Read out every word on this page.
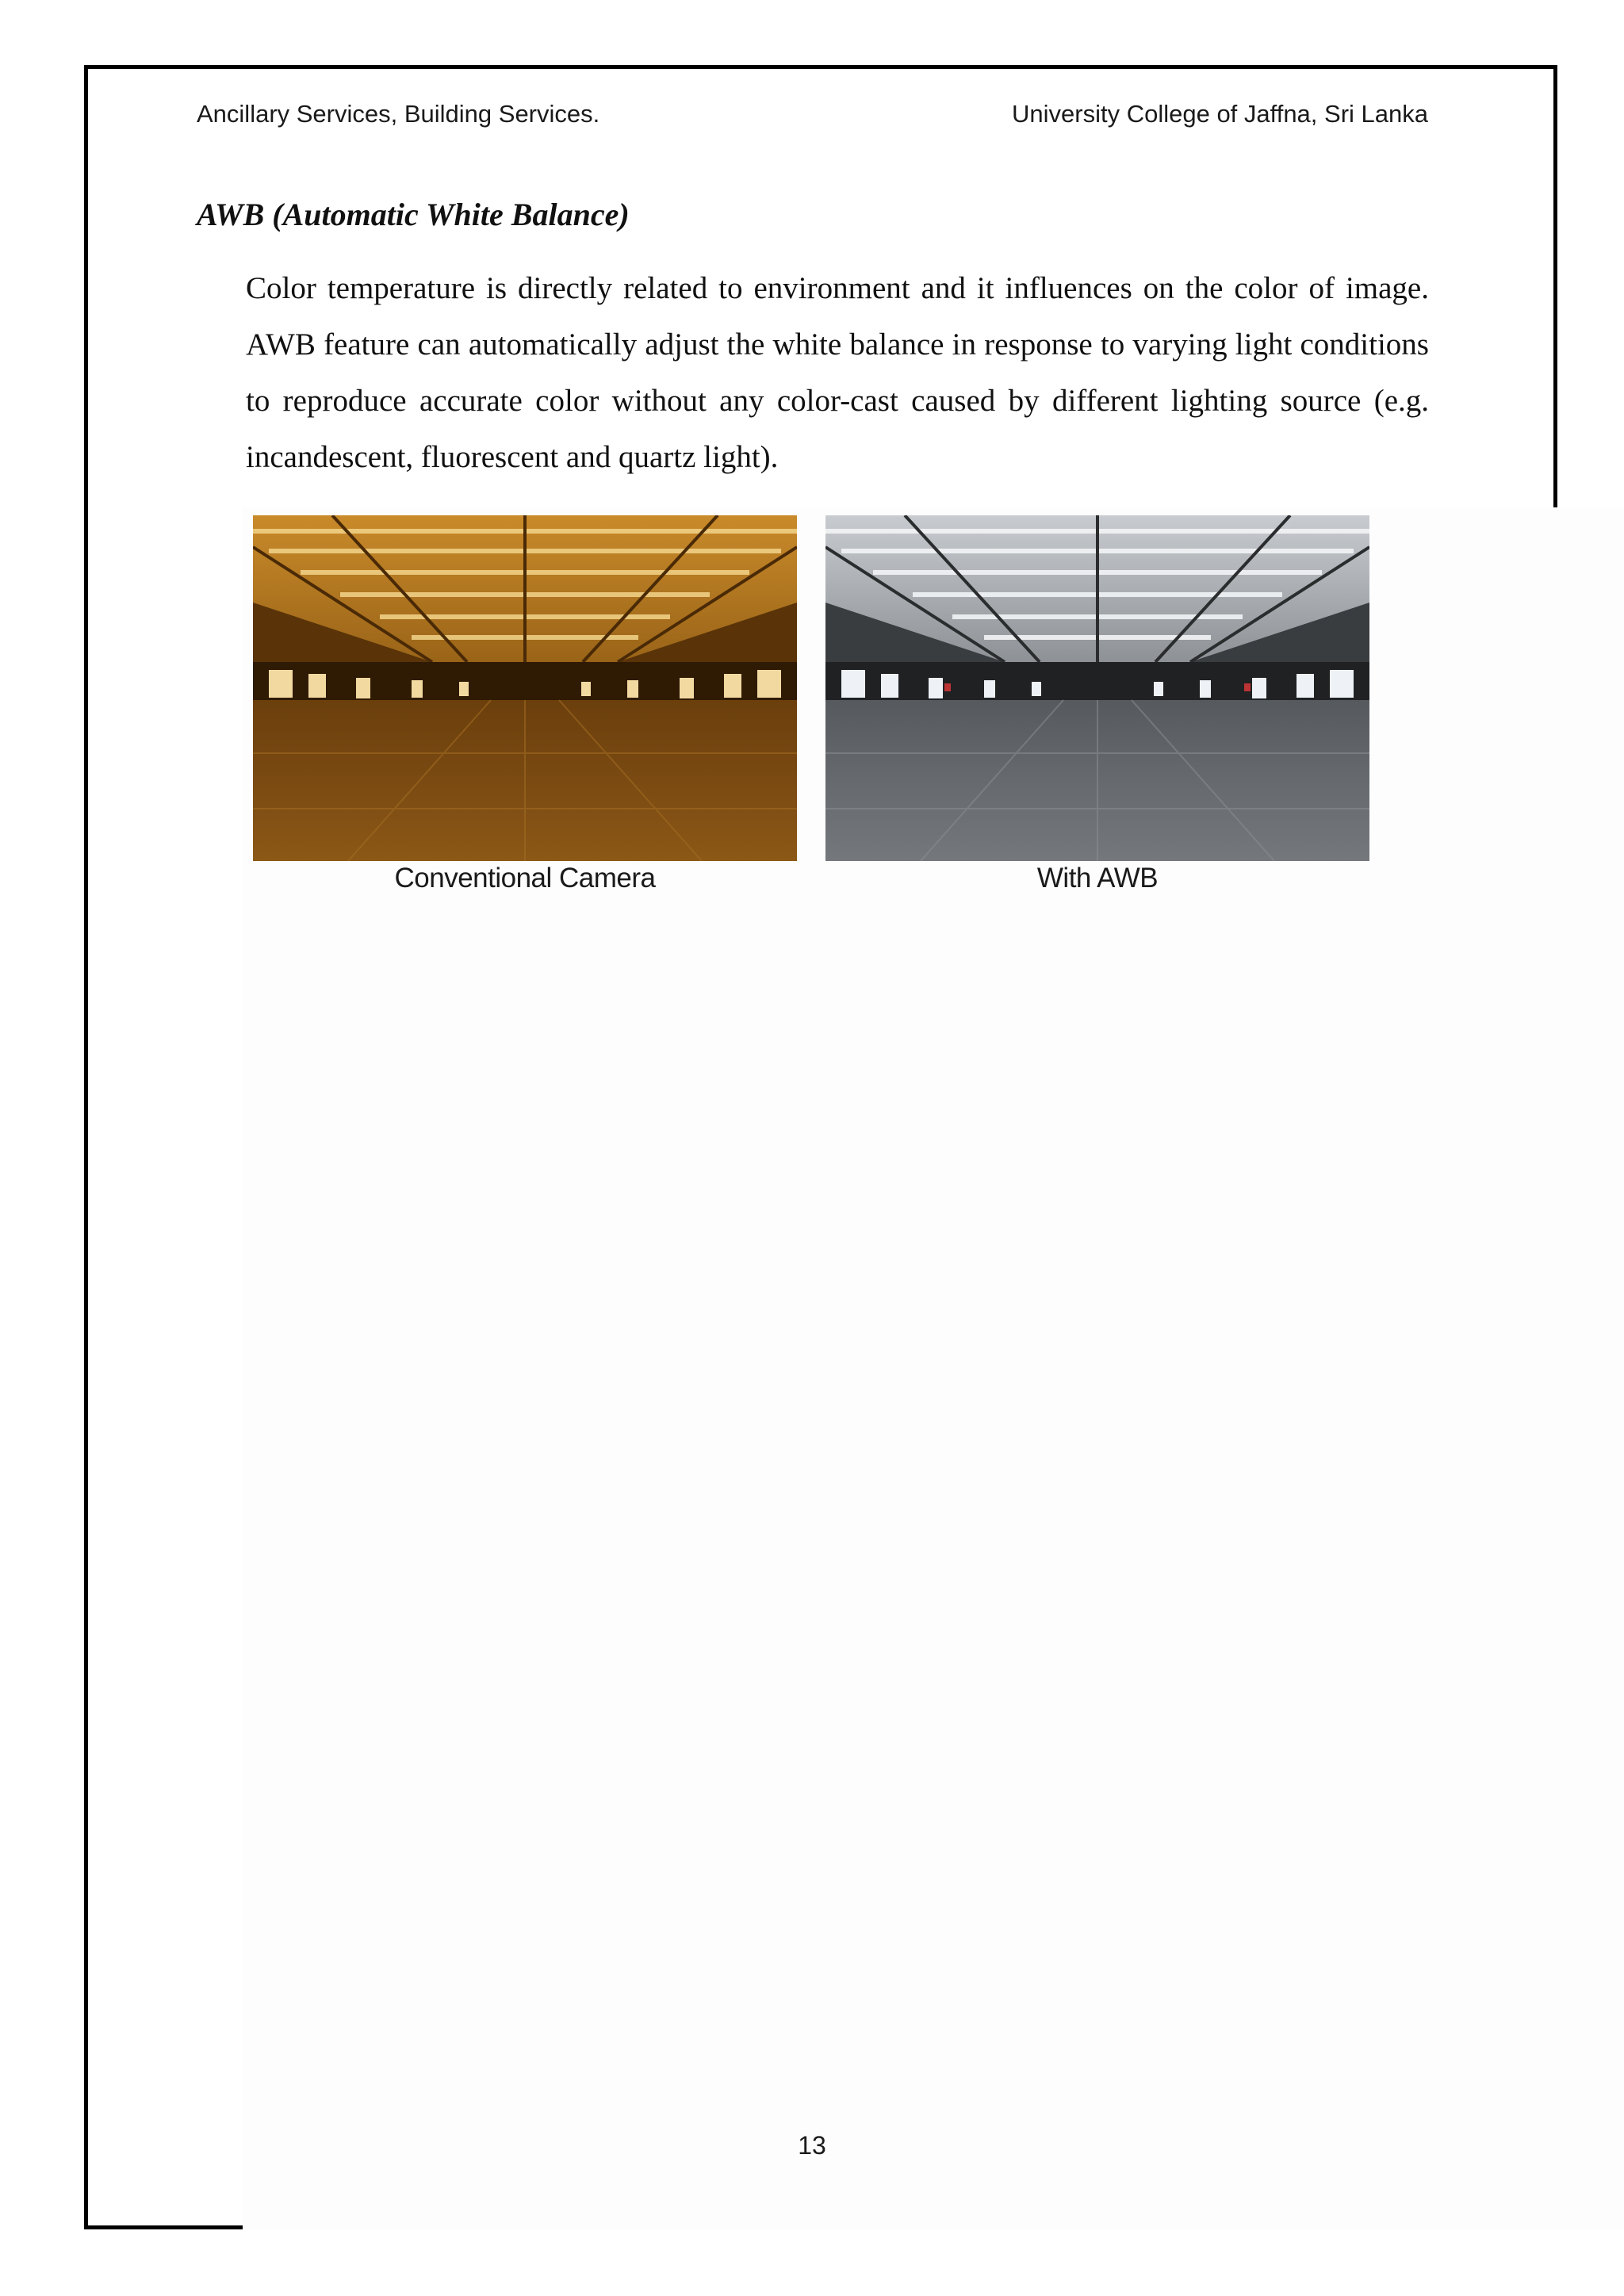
Ancillary Services, Building Services.	University College of Jaffna, Sri Lanka
AWB (Automatic White Balance)
Color temperature is directly related to environment and it influences on the color of image. AWB feature can automatically adjust the white balance in response to varying light conditions to reproduce accurate color without any color-cast caused by different lighting source (e.g. incandescent, fluorescent and quartz light).
Conventional Camera	With AWB
13
